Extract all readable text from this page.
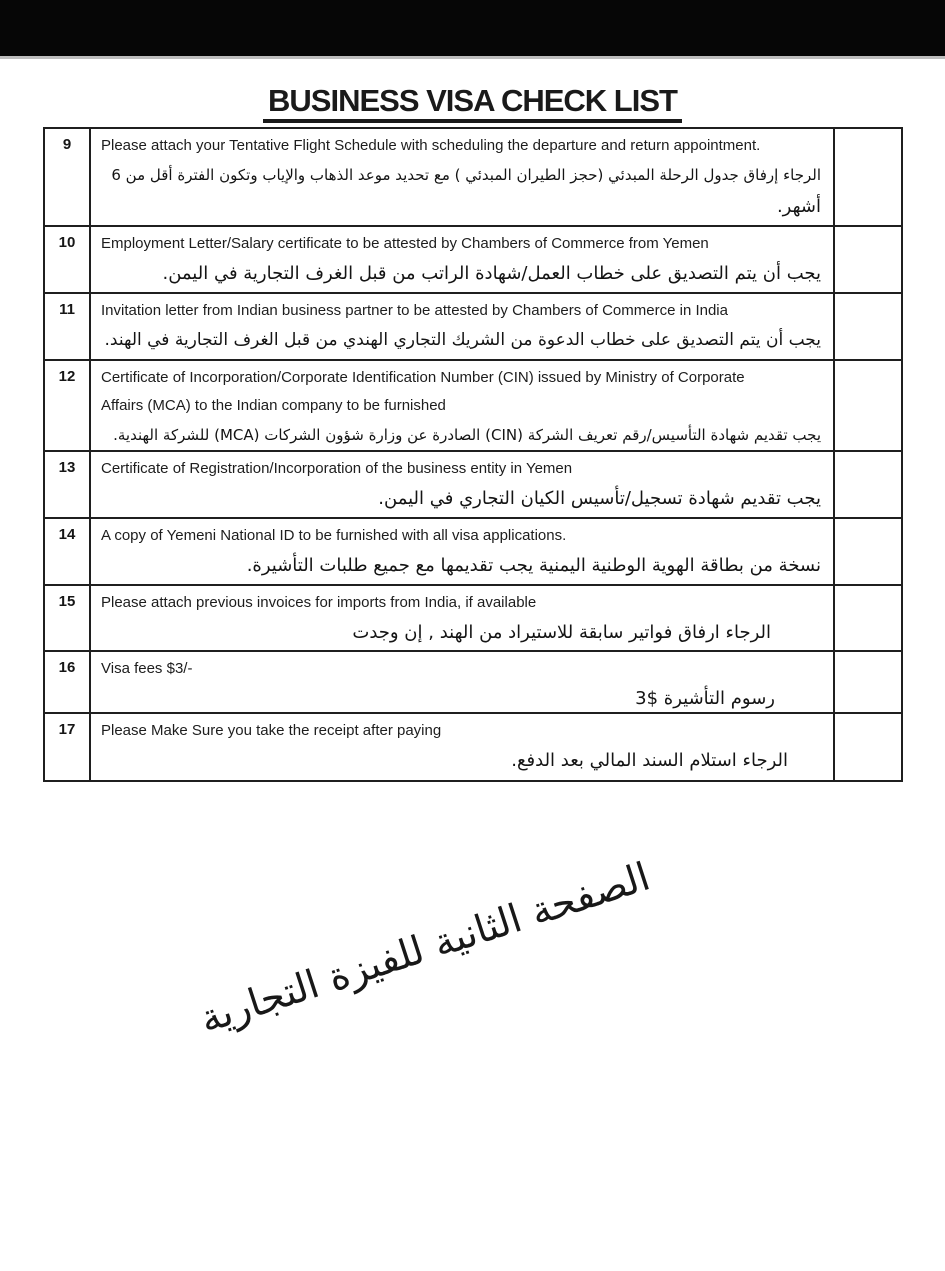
BUSINESS VISA CHECK LIST
9	Please attach your Tentative Flight Schedule with scheduling the departure and return appointment.
الرجاء إرفاق جدول الرحلة المبدئي (حجز الطيران المبدئي ) مع تحديد موعد الذهاب والإياب وتكون الفترة أقل من 6
أشهر.
10	Employment Letter/Salary certificate to be attested by Chambers of Commerce from Yemen
يجب أن يتم التصديق على خطاب العمل/شهادة الراتب من قبل الغرف التجارية في اليمن.
11	Invitation letter from Indian business partner to be attested by Chambers of Commerce in India
يجب أن يتم التصديق على خطاب الدعوة من الشريك التجاري الهندي من قبل الغرف التجارية في الهند.
12	Certificate of Incorporation/Corporate Identification Number (CIN) issued by Ministry of Corporate
Affairs (MCA) to the Indian company to be furnished
يجب تقديم شهادة التأسيس/رقم تعريف الشركة (CIN) الصادرة عن وزارة شؤون الشركات (MCA) للشركة الهندية.
13	Certificate of Registration/Incorporation of the business entity in Yemen
يجب تقديم شهادة تسجيل/تأسيس الكيان التجاري في اليمن.
14	A copy of Yemeni National ID to be furnished with all visa applications.
نسخة من بطاقة الهوية الوطنية اليمنية يجب تقديمها مع جميع طلبات التأشيرة.
15	Please attach previous invoices for imports from India, if available
الرجاء ارفاق فواتير سابقة للاستيراد من الهند , إن وجدت
16	Visa fees $3/-
رسوم التأشيرة $3
17	Please Make Sure you take the receipt after paying
الرجاء استلام السند المالي بعد الدفع.
الصفحة الثانية للفيزة التجارية
